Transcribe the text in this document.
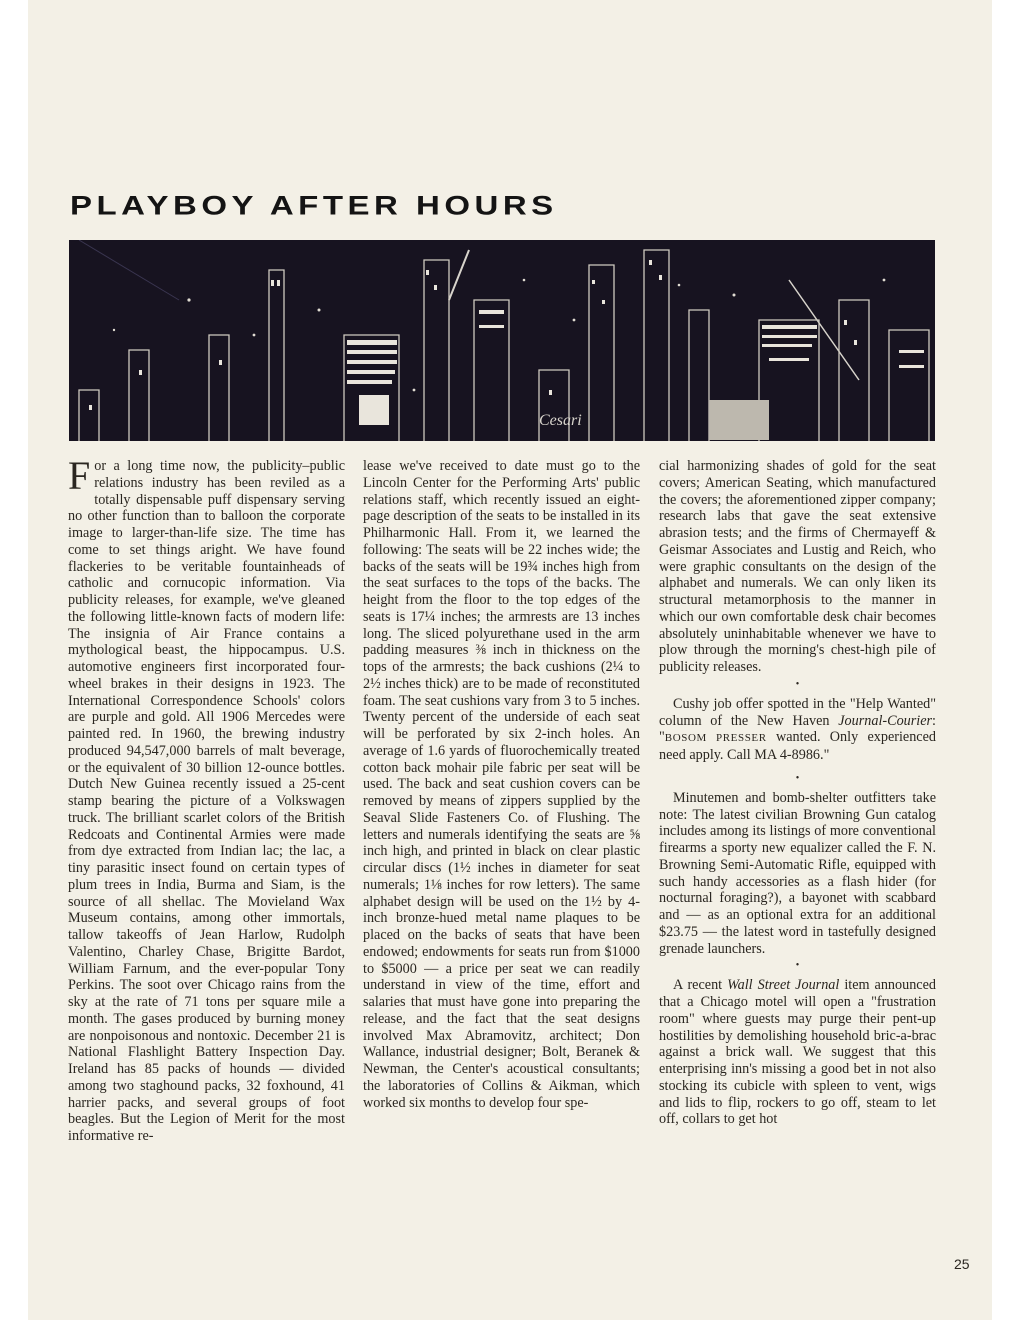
PLAYBOY AFTER HOURS
Cesari

For a long time now, the publicity–public relations industry has been reviled as a totally dispensable puff dispensary serving no other function than to balloon the corporate image to larger-than-life size. The time has come to set things aright. We have found flackeries to be veritable fountainheads of catholic and cornucopic information. Via publicity releases, for example, we've gleaned the following little-known facts of modern life: The insignia of Air France contains a mythological beast, the hippocampus. U.S. automotive engineers first incorporated four-wheel brakes in their designs in 1923. The International Correspondence Schools' colors are purple and gold. All 1906 Mercedes were painted red. In 1960, the brewing industry produced 94,547,000 barrels of malt beverage, or the equivalent of 30 billion 12-ounce bottles. Dutch New Guinea recently issued a 25-cent stamp bearing the picture of a Volkswagen truck. The brilliant scarlet colors of the British Redcoats and Continental Armies were made from dye extracted from Indian lac; the lac, a tiny parasitic insect found on certain types of plum trees in India, Burma and Siam, is the source of all shellac. The Movieland Wax Museum contains, among other immortals, tallow takeoffs of Jean Harlow, Rudolph Valentino, Charley Chase, Brigitte Bardot, William Farnum, and the ever-popular Tony Perkins. The soot over Chicago rains from the sky at the rate of 71 tons per square mile a month. The gases produced by burning money are nonpoisonous and nontoxic. December 21 is National Flashlight Battery Inspection Day. Ireland has 85 packs of hounds — divided among two staghound packs, 32 foxhound, 41 harrier packs, and several groups of foot beagles. But the Legion of Merit for the most informative re-

lease we've received to date must go to the Lincoln Center for the Performing Arts' public relations staff, which recently issued an eight-page description of the seats to be installed in its Philharmonic Hall. From it, we learned the following: The seats will be 22 inches wide; the backs of the seats will be 19¾ inches high from the seat surfaces to the tops of the backs. The height from the floor to the top edges of the seats is 17¼ inches; the armrests are 13 inches long. The sliced polyurethane used in the arm padding measures ⅜ inch in thickness on the tops of the armrests; the back cushions (2¼ to 2½ inches thick) are to be made of reconstituted foam. The seat cushions vary from 3 to 5 inches. Twenty percent of the underside of each seat will be perforated by six 2-inch holes. An average of 1.6 yards of fluorochemically treated cotton back mohair pile fabric per seat will be used. The back and seat cushion covers can be removed by means of zippers supplied by the Seaval Slide Fasteners Co. of Flushing. The letters and numerals identifying the seats are ⅝ inch high, and printed in black on clear plastic circular discs (1½ inches in diameter for seat numerals; 1⅛ inches for row letters). The same alphabet design will be used on the 1½ by 4-inch bronze-hued metal name plaques to be placed on the backs of seats that have been endowed; endowments for seats run from $1000 to $5000 — a price per seat we can readily understand in view of the time, effort and salaries that must have gone into preparing the release, and the fact that the seat designs involved Max Abramovitz, architect; Don Wallance, industrial designer; Bolt, Beranek & Newman, the Center's acoustical consultants; the laboratories of Collins & Aikman, which worked six months to develop four spe-

cial harmonizing shades of gold for the seat covers; American Seating, which manufactured the covers; the aforementioned zipper company; research labs that gave the seat extensive abrasion tests; and the firms of Chermayeff & Geismar Associates and Lustig and Reich, who were graphic consultants on the design of the alphabet and numerals. We can only liken its structural metamorphosis to the manner in which our own comfortable desk chair becomes absolutely uninhabitable whenever we have to plow through the morning's chest-high pile of publicity releases.

•

Cushy job offer spotted in the "Help Wanted" column of the New Haven Journal-Courier: "BOSOM PRESSER wanted. Only experienced need apply. Call MA 4-8986."

•

Minutemen and bomb-shelter outfitters take note: The latest civilian Browning Gun catalog includes among its listings of more conventional firearms a sporty new equalizer called the F. N. Browning Semi-Automatic Rifle, equipped with such handy accessories as a flash hider (for nocturnal foraging?), a bayonet with scabbard and — as an optional extra for an additional $23.75 — the latest word in tastefully designed grenade launchers.

•

A recent Wall Street Journal item announced that a Chicago motel will open a "frustration room" where guests may purge their pent-up hostilities by demolishing household bric-a-brac against a brick wall. We suggest that this enterprising inn's missing a good bet in not also stocking its cubicle with spleen to vent, wigs and lids to flip, rockers to go off, steam to let off, collars to get hot

25
